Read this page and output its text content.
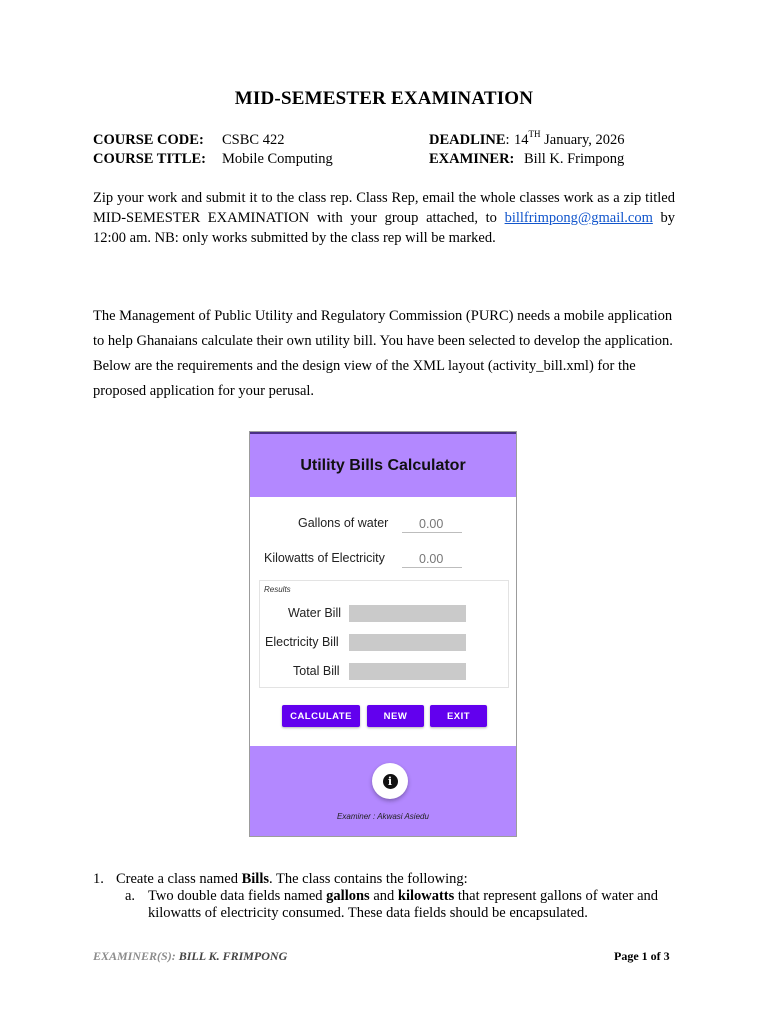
MID-SEMESTER EXAMINATION
COURSE CODE: CSBC 422
COURSE TITLE: Mobile Computing
DEADLINE: 14TH January, 2026
EXAMINER: Bill K. Frimpong
Zip your work and submit it to the class rep. Class Rep, email the whole classes work as a zip titled MID-SEMESTER EXAMINATION with your group attached, to billfrimpong@gmail.com by 12:00 am. NB: only works submitted by the class rep will be marked.
The Management of Public Utility and Regulatory Commission (PURC) needs a mobile application to help Ghanaians calculate their own utility bill. You have been selected to develop the application. Below are the requirements and the design view of the XML layout (activity_bill.xml) for the proposed application for your perusal.
Utility Bills Calculator
Gallons of water	0.00
Kilowatts of Electricity	0.00
Results
Water Bill
Electricity Bill
Total Bill
CALCULATE	NEW	EXIT
i
Examiner : Akwasi Asiedu
1. Create a class named Bills. The class contains the following:
a. Two double data fields named gallons and kilowatts that represent gallons of water and kilowatts of electricity consumed. These data fields should be encapsulated.
EXAMINER(S): BILL K. FRIMPONG	Page 1 of 3
